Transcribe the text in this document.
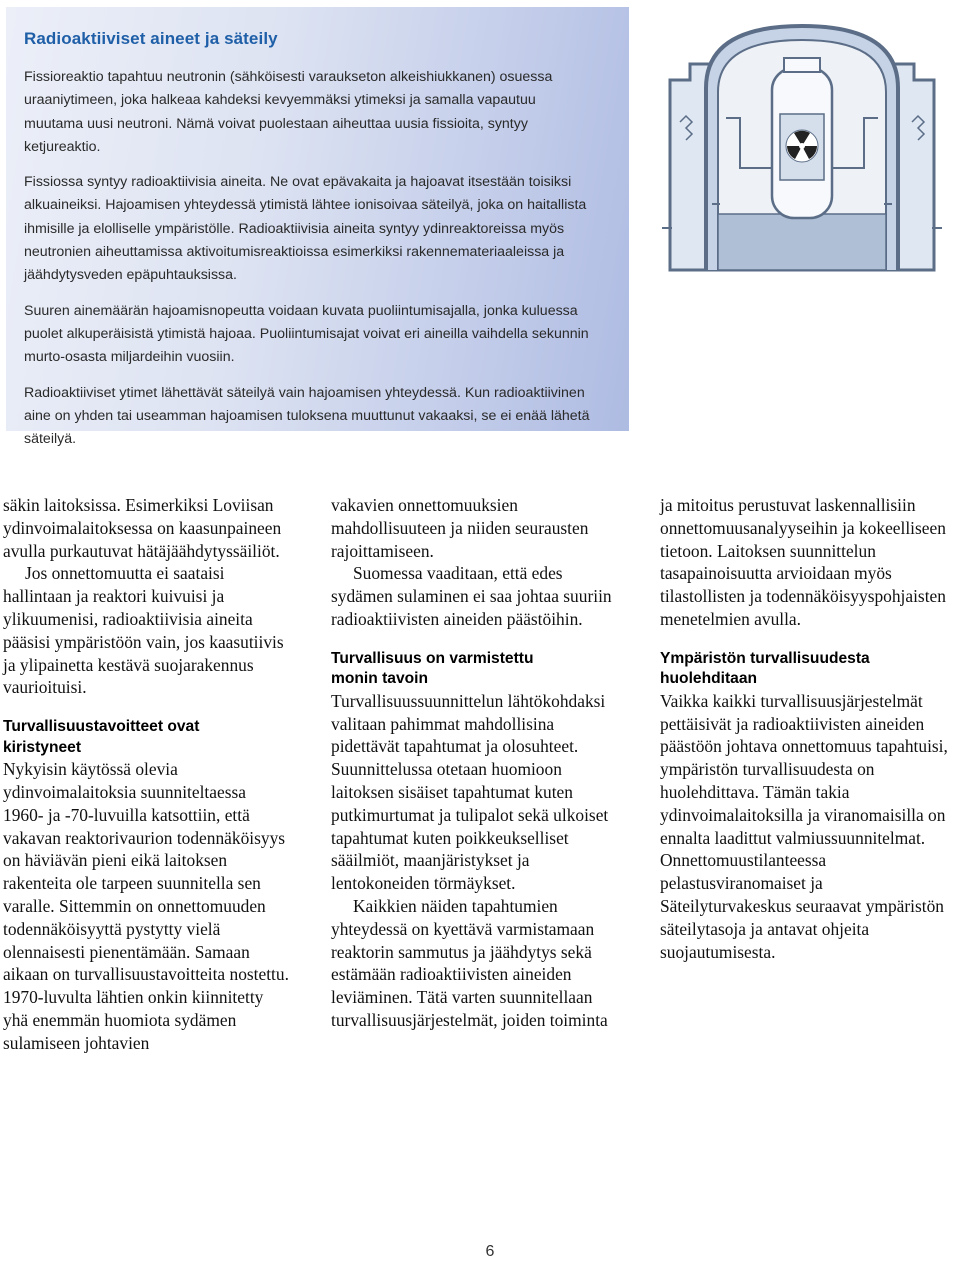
Radioaktiiviset aineet ja säteily

Fissioreaktio tapahtuu neutronin (sähköisesti varaukseton alkeishiukkanen) osuessa uraaniytimeen, joka halkeaa kahdeksi kevyemmäksi ytimeksi ja samalla vapautuu muutama uusi neutroni. Nämä voivat puolestaan aiheuttaa uusia fissioita, syntyy ketjureaktio.

Fissiossa syntyy radioaktiivisia aineita. Ne ovat epävakaita ja hajoavat itsestään toisiksi alkuaineiksi. Hajoamisen yhteydessä ytimistä lähtee ionisoivaa säteilyä, joka on haitallista ihmisille ja elolliselle ympäristölle. Radioaktiivisia aineita syntyy ydinreaktoreissa myös neutronien aiheuttamissa aktivoitumisreaktioissa esimerkiksi rakennemateriaaleissa ja jäähdytysveden epäpuhtauksissa.

Suuren ainemäärän hajoamisnopeutta voidaan kuvata puoliintumisajalla, jonka kuluessa puolet alkuperäisistä ytimistä hajoaa. Puoliintumisajat voivat eri aineilla vaihdella sekunnin murto-osasta miljardeihin vuosiin.

Radioaktiiviset ytimet lähettävät säteilyä vain hajoamisen yhteydessä. Kun radioaktiivinen aine on yhden tai useamman hajoamisen tuloksena muuttunut vakaaksi, se ei enää lähetä säteilyä.

säkin laitoksissa. Esimerkiksi Loviisan ydinvoimalaitoksessa on kaasunpaineen avulla purkautuvat hätäjäähdytyssäiliöt.

Jos onnettomuutta ei saataisi hallintaan ja reaktori kuivuisi ja ylikuumenisi, radioaktiivisia aineita pääsisi ympäristöön vain, jos kaasutiivis ja ylipainetta kestävä suojarakennus vaurioituisi.

Turvallisuustavoitteet ovat kiristyneet

Nykyisin käytössä olevia ydinvoimalaitoksia suunniteltaessa 1960- ja -70-luvuilla katsottiin, että vakavan reaktorivaurion todennäköisyys on häviävän pieni eikä laitoksen rakenteita ole tarpeen suunnitella sen varalle. Sittemmin on onnettomuuden todennäköisyyttä pystytty vielä olennaisesti pienentämään. Samaan aikaan on turvallisuustavoitteita nostettu. 1970-luvulta lähtien onkin kiinnitetty yhä enemmän huomiota sydämen sulamiseen johtavien

vakavien onnettomuuksien mahdollisuuteen ja niiden seurausten rajoittamiseen.

Suomessa vaaditaan, että edes sydämen sulaminen ei saa johtaa suuriin radioaktiivisten aineiden päästöihin.

Turvallisuus on varmistettu monin tavoin

Turvallisuussuunnittelun lähtökohdaksi valitaan pahimmat mahdollisina pidettävät tapahtumat ja olosuhteet. Suunnittelussa otetaan huomioon laitoksen sisäiset tapahtumat kuten putkimurtumat ja tulipalot sekä ulkoiset tapahtumat kuten poikkeukselliset sääilmiöt, maanjäristykset ja lentokoneiden törmäykset.

Kaikkien näiden tapahtumien yhteydessä on kyettävä varmistamaan reaktorin sammutus ja jäähdytys sekä estämään radioaktiivisten aineiden leviäminen. Tätä varten suunnitellaan turvallisuusjärjestelmät, joiden toiminta

ja mitoitus perustuvat laskennallisiin onnettomuusanalyyseihin ja kokeelliseen tietoon. Laitoksen suunnittelun tasapainoisuutta arvioidaan myös tilastollisten ja todennäköisyyspohjaisten menetelmien avulla.

Ympäristön turvallisuudesta huolehditaan

Vaikka kaikki turvallisuusjärjestelmät pettäisivät ja radioaktiivisten aineiden päästöön johtava onnettomuus tapahtuisi, ympäristön turvallisuudesta on huolehdittava. Tämän takia ydinvoimalaitoksilla ja viranomaisilla on ennalta laadittut valmiussuunnitelmat. Onnettomuustilanteessa pelastusviranomaiset ja Säteilyturvakeskus seuraavat ympäristön säteilytasoja ja antavat ohjeita suojautumisesta.

6
